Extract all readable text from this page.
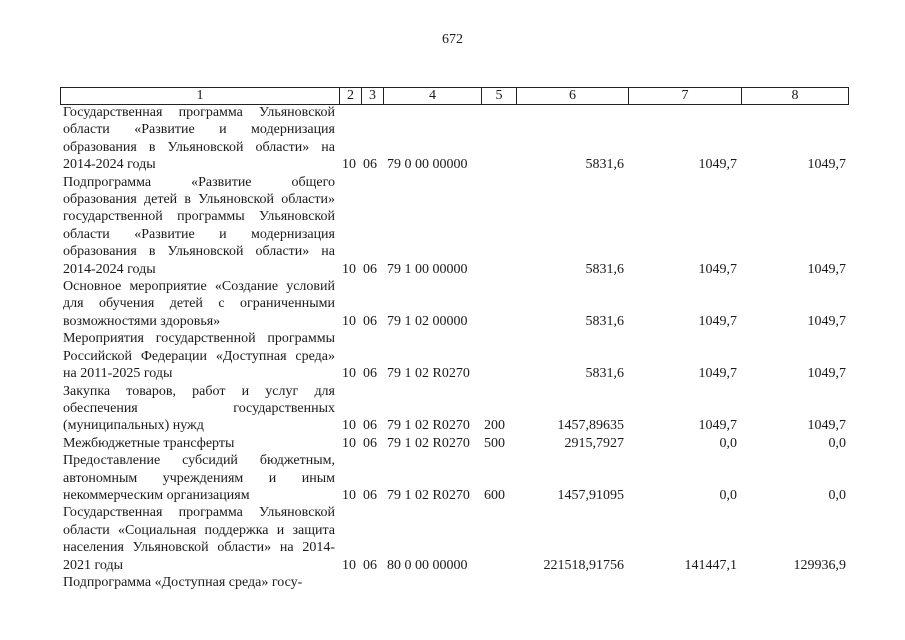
672
1	2	3	4	5	6	7	8
Государственная программа Ульяновской области «Развитие и модернизация образования в Ульяновской области» на 2014-2024 годы	10	06	79 0 00 00000		5831,6	1049,7	1049,7
Подпрограмма «Развитие общего образования детей в Ульяновской области» государственной программы Ульяновской области «Развитие и модернизация образования в Ульяновской области» на 2014-2024 годы	10	06	79 1 00 00000		5831,6	1049,7	1049,7
Основное мероприятие «Создание условий для обучения детей с ограниченными возможностями здоровья»	10	06	79 1 02 00000		5831,6	1049,7	1049,7
Мероприятия государственной программы Российской Федерации «Доступная среда» на 2011-2025 годы	10	06	79 1 02 R0270		5831,6	1049,7	1049,7
Закупка товаров, работ и услуг для обеспечения государственных (муниципальных) нужд	10	06	79 1 02 R0270	200	1457,89635	1049,7	1049,7
Межбюджетные трансферты	10	06	79 1 02 R0270	500	2915,7927	0,0	0,0
Предоставление субсидий бюджетным, автономным учреждениям и иным некоммерческим организациям	10	06	79 1 02 R0270	600	1457,91095	0,0	0,0
Государственная программа Ульяновской области «Социальная поддержка и защита населения Ульяновской области» на 2014-2021 годы	10	06	80 0 00 00000		221518,91756	141447,1	129936,9
Подпрограмма «Доступная среда» госу-							
